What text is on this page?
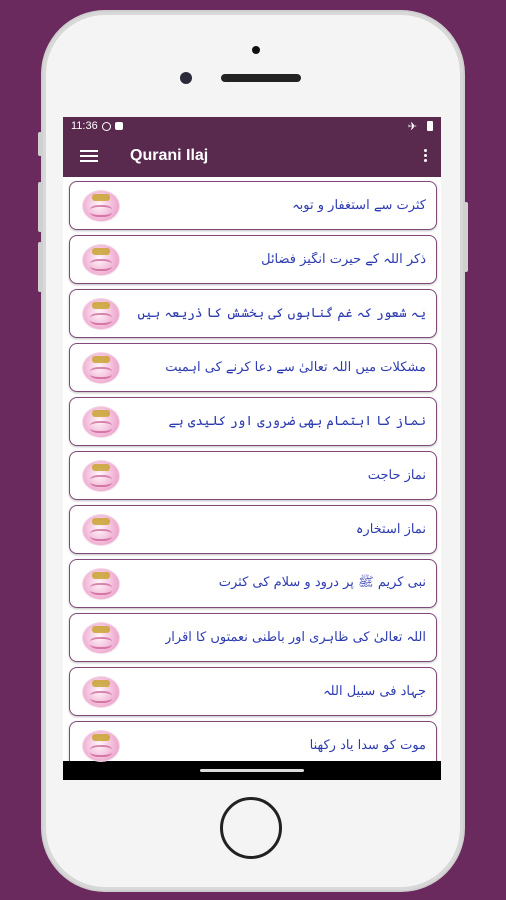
11:36	✈
Qurani Ilaj
کثرت سے استغفار و توبہ
ذکر اللہ کے حیرت انگیز فضائل
یہ شعور کہ غم گناہوں کی بخشش کا ذریعہ ہیں
مشکلات میں اللہ تعالیٰ سے دعا کرنے کی اہمیت
نماز کا اہتمام بھی ضروری اور کلیدی ہے
نماز حاجت
نماز استخارہ
نبی کریم ﷺ پر درود و سلام کی کثرت
اللہ تعالیٰ کی ظاہری اور باطنی نعمتوں کا اقرار
جہاد فی سبیل اللہ
موت کو سدا یاد رکھنا
